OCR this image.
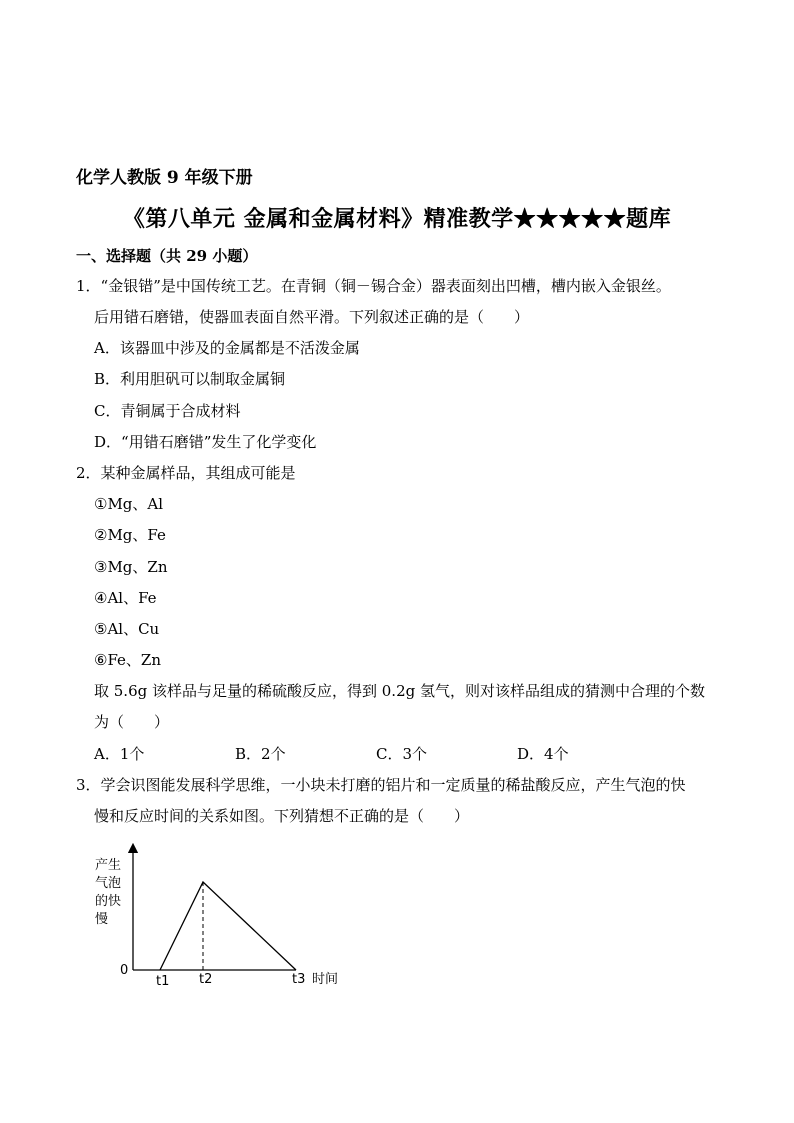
化学人教版 9 年级下册
《第八单元 金属和金属材料》精准教学★★★★★题库
一、选择题（共 29 小题）
1．“金银错”是中国传统工艺。在青铜（铜－锡合金）器表面刻出凹槽，槽内嵌入金银丝。
后用错石磨错，使器皿表面自然平滑。下列叙述正确的是（　　）
A．该器皿中涉及的金属都是不活泼金属
B．利用胆矾可以制取金属铜
C．青铜属于合成材料
D．“用错石磨错”发生了化学变化
2．某种金属样品，其组成可能是
①Mg、Al
②Mg、Fe
③Mg、Zn
④Al、Fe
⑤Al、Cu
⑥Fe、Zn
取 5.6g 该样品与足量的稀硫酸反应，得到 0.2g 氢气，则对该样品组成的猜测中合理的个数
为（　　）
A．1个	B．2个	C．3个	D．4个
3．学会识图能发展科学思维，一小块未打磨的铝片和一定质量的稀盐酸反应，产生气泡的快
慢和反应时间的关系如图。下列猜想不正确的是（　　）
产生
气泡
的快
慢
0
t1 t2	t3 时间
